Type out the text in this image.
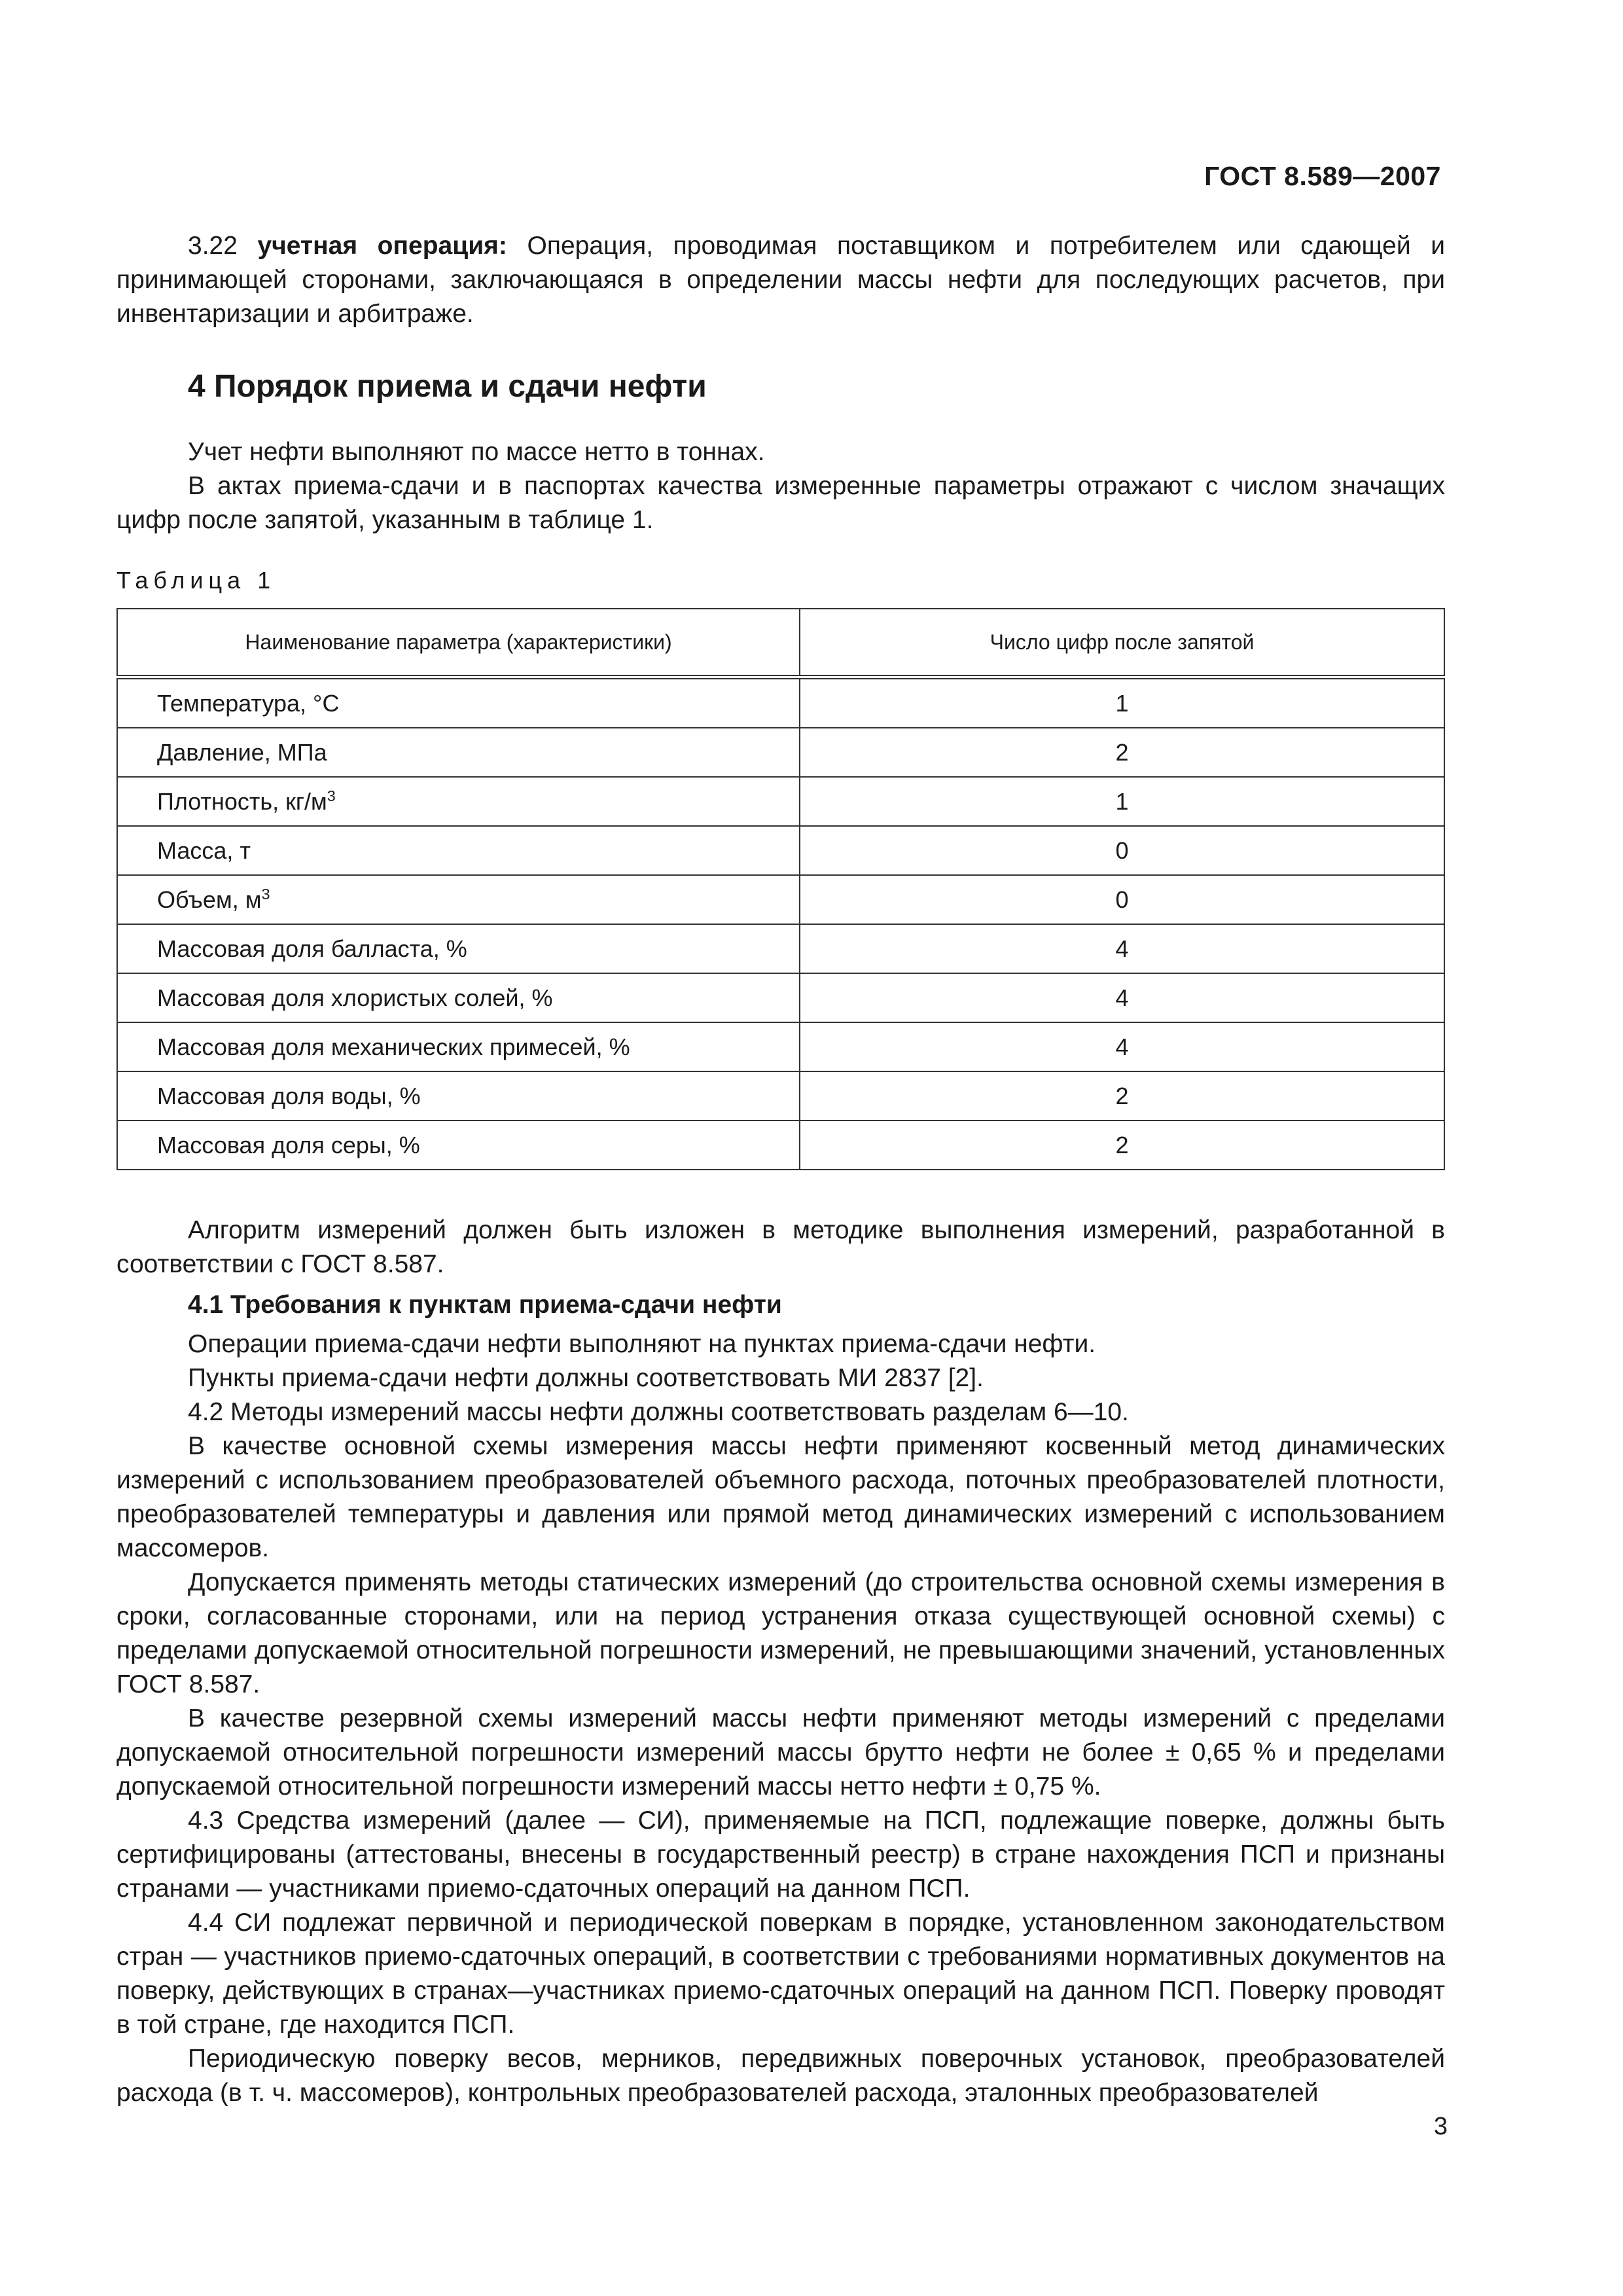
ГОСТ 8.589—2007

3.22 учетная операция: Операция, проводимая поставщиком и потребителем или сдающей и принимающей сторонами, заключающаяся в определении массы нефти для последующих расчетов, при инвентаризации и арбитраже.

4 Порядок приема и сдачи нефти

Учет нефти выполняют по массе нетто в тоннах.

В актах приема-сдачи и в паспортах качества измеренные параметры отражают с числом значащих цифр после запятой, указанным в таблице 1.

Таблица 1

Наименование параметра (характеристики)	Число цифр после запятой
Температура, °С	1
Давление, МПа	2
Плотность, $кг/м^3$	1
Масса, т	0
Объем, $м^3$	0
Массовая доля балласта, %	4
Массовая доля хлористых солей, %	4
Массовая доля механических примесей, %	4
Массовая доля воды, %	2
Массовая доля серы, %	2

Алгоритм измерений должен быть изложен в методике выполнения измерений, разработанной в соответствии с ГОСТ 8.587.

4.1 Требования к пунктам приема-сдачи нефти

Операции приема-сдачи нефти выполняют на пунктах приема-сдачи нефти.

Пункты приема-сдачи нефти должны соответствовать МИ 2837 [2].

4.2 Методы измерений массы нефти должны соответствовать разделам 6—10.

В качестве основной схемы измерения массы нефти применяют косвенный метод динамических измерений с использованием преобразователей объемного расхода, поточных преобразователей плотности, преобразователей температуры и давления или прямой метод динамических измерений с использованием массомеров.

Допускается применять методы статических измерений (до строительства основной схемы измерения в сроки, согласованные сторонами, или на период устранения отказа существующей основной схемы) с пределами допускаемой относительной погрешности измерений, не превышающими значений, установленных ГОСТ 8.587.

В качестве резервной схемы измерений массы нефти применяют методы измерений с пределами допускаемой относительной погрешности измерений массы брутто нефти не более ± 0,65 % и пределами допускаемой относительной погрешности измерений массы нетто нефти ± 0,75 %.

4.3 Средства измерений (далее — СИ), применяемые на ПСП, подлежащие поверке, должны быть сертифицированы (аттестованы, внесены в государственный реестр) в стране нахождения ПСП и признаны странами — участниками приемо-сдаточных операций на данном ПСП.

4.4 СИ подлежат первичной и периодической поверкам в порядке, установленном законодательством стран — участников приемо-сдаточных операций, в соответствии с требованиями нормативных документов на поверку, действующих в странах—участниках приемо-сдаточных операций на данном ПСП. Поверку проводят в той стране, где находится ПСП.

Периодическую поверку весов, мерников, передвижных поверочных установок, преобразователей расхода (в т. ч. массомеров), контрольных преобразователей расхода, эталонных преобразователей

3
